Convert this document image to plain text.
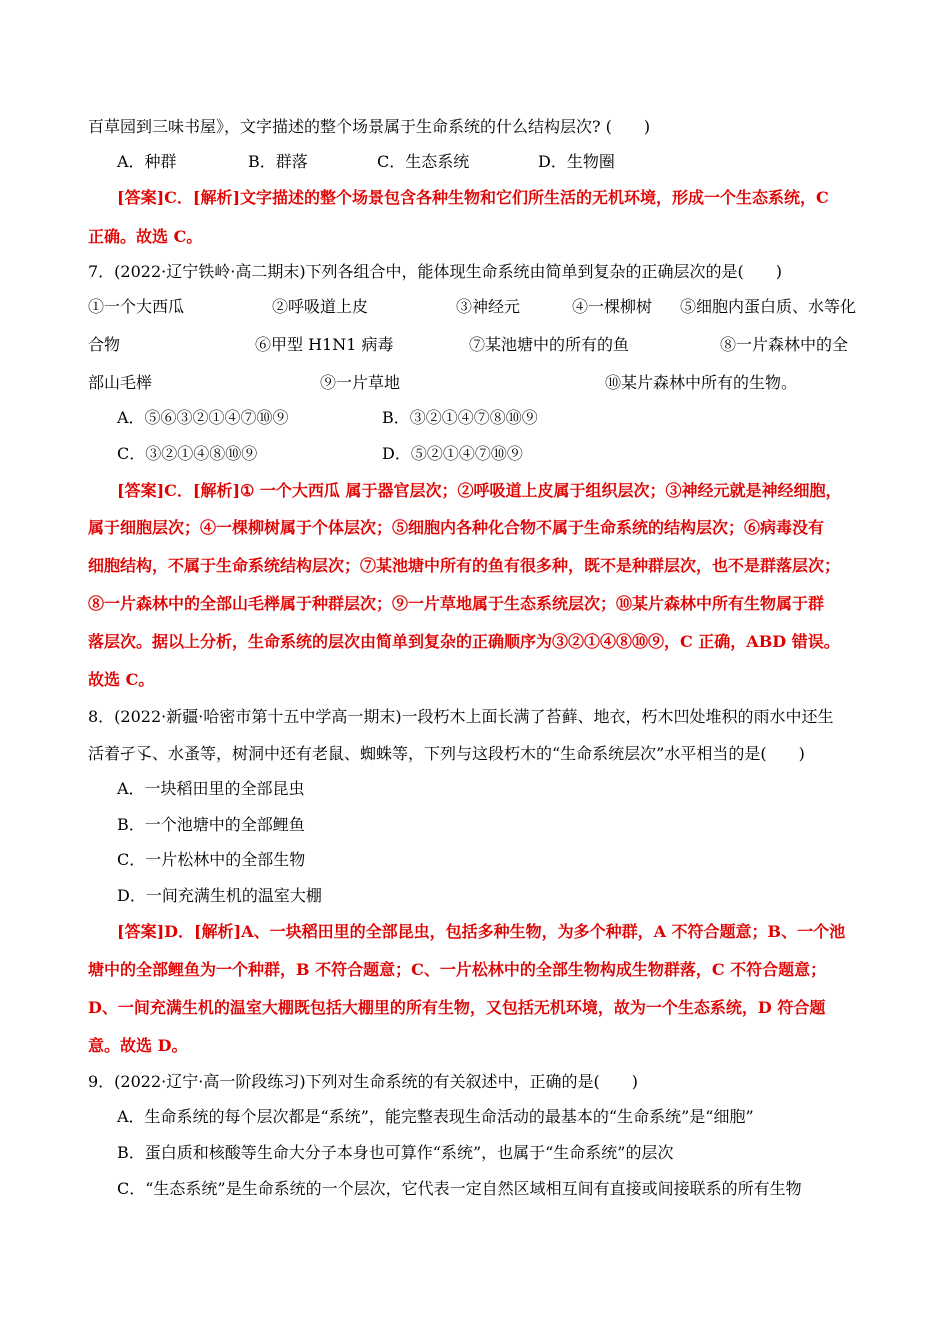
百草园到三味书屋》，文字描述的整个场景属于生命系统的什么结构层次? (　　)
A．种群	B．群落	C．生态系统	D．生物圈
[答案]C．[解析]文字描述的整个场景包含各种生物和它们所生活的无机环境，形成一个生态系统，C
正确。故选 C。
7．(2022·辽宁铁岭·高二期末)下列各组合中，能体现生命系统由简单到复杂的正确层次的是(　　)
①一个大西瓜	②呼吸道上皮	③神经元	④一棵柳树 ⑤细胞内蛋白质、水等化
合物	⑥甲型 H1N1 病毒	⑦某池塘中的所有的鱼	⑧一片森林中的全
部山毛榉	⑨一片草地	⑩某片森林中所有的生物。
A．⑤⑥③②①④⑦⑩⑨	B．③②①④⑦⑧⑩⑨
C．③②①④⑧⑩⑨	D．⑤②①④⑦⑩⑨
[答案]C．[解析]① 一个大西瓜 属于器官层次；②呼吸道上皮属于组织层次；③神经元就是神经细胞，
属于细胞层次；④一棵柳树属于个体层次；⑤细胞内各种化合物不属于生命系统的结构层次；⑥病毒没有
细胞结构，不属于生命系统结构层次；⑦某池塘中所有的鱼有很多种，既不是种群层次，也不是群落层次；
⑧一片森林中的全部山毛榉属于种群层次；⑨一片草地属于生态系统层次；⑩某片森林中所有生物属于群
落层次。据以上分析，生命系统的层次由简单到复杂的正确顺序为③②①④⑧⑩⑨，C 正确，ABD 错误。
故选 C。
8．(2022·新疆·哈密市第十五中学高一期末)一段朽木上面长满了苔藓、地衣，朽木凹处堆积的雨水中还生
活着孑孓、水蚤等，树洞中还有老鼠、蜘蛛等，下列与这段朽木的“生命系统层次”水平相当的是(　　)
A．一块稻田里的全部昆虫
B．一个池塘中的全部鲤鱼
C．一片松林中的全部生物
D．一间充满生机的温室大棚
[答案]D．[解析]A、一块稻田里的全部昆虫，包括多种生物，为多个种群，A 不符合题意；B、一个池
塘中的全部鲤鱼为一个种群，B 不符合题意；C、一片松林中的全部生物构成生物群落，C 不符合题意；
D、一间充满生机的温室大棚既包括大棚里的所有生物，又包括无机环境，故为一个生态系统，D 符合题
意。故选 D。
9．(2022·辽宁·高一阶段练习)下列对生命系统的有关叙述中，正确的是(　　)
A．生命系统的每个层次都是“系统”，能完整表现生命活动的最基本的“生命系统”是“细胞”
B．蛋白质和核酸等生命大分子本身也可算作“系统”，也属于“生命系统”的层次
C．“生态系统”是生命系统的一个层次，它代表一定自然区域相互间有直接或间接联系的所有生物
